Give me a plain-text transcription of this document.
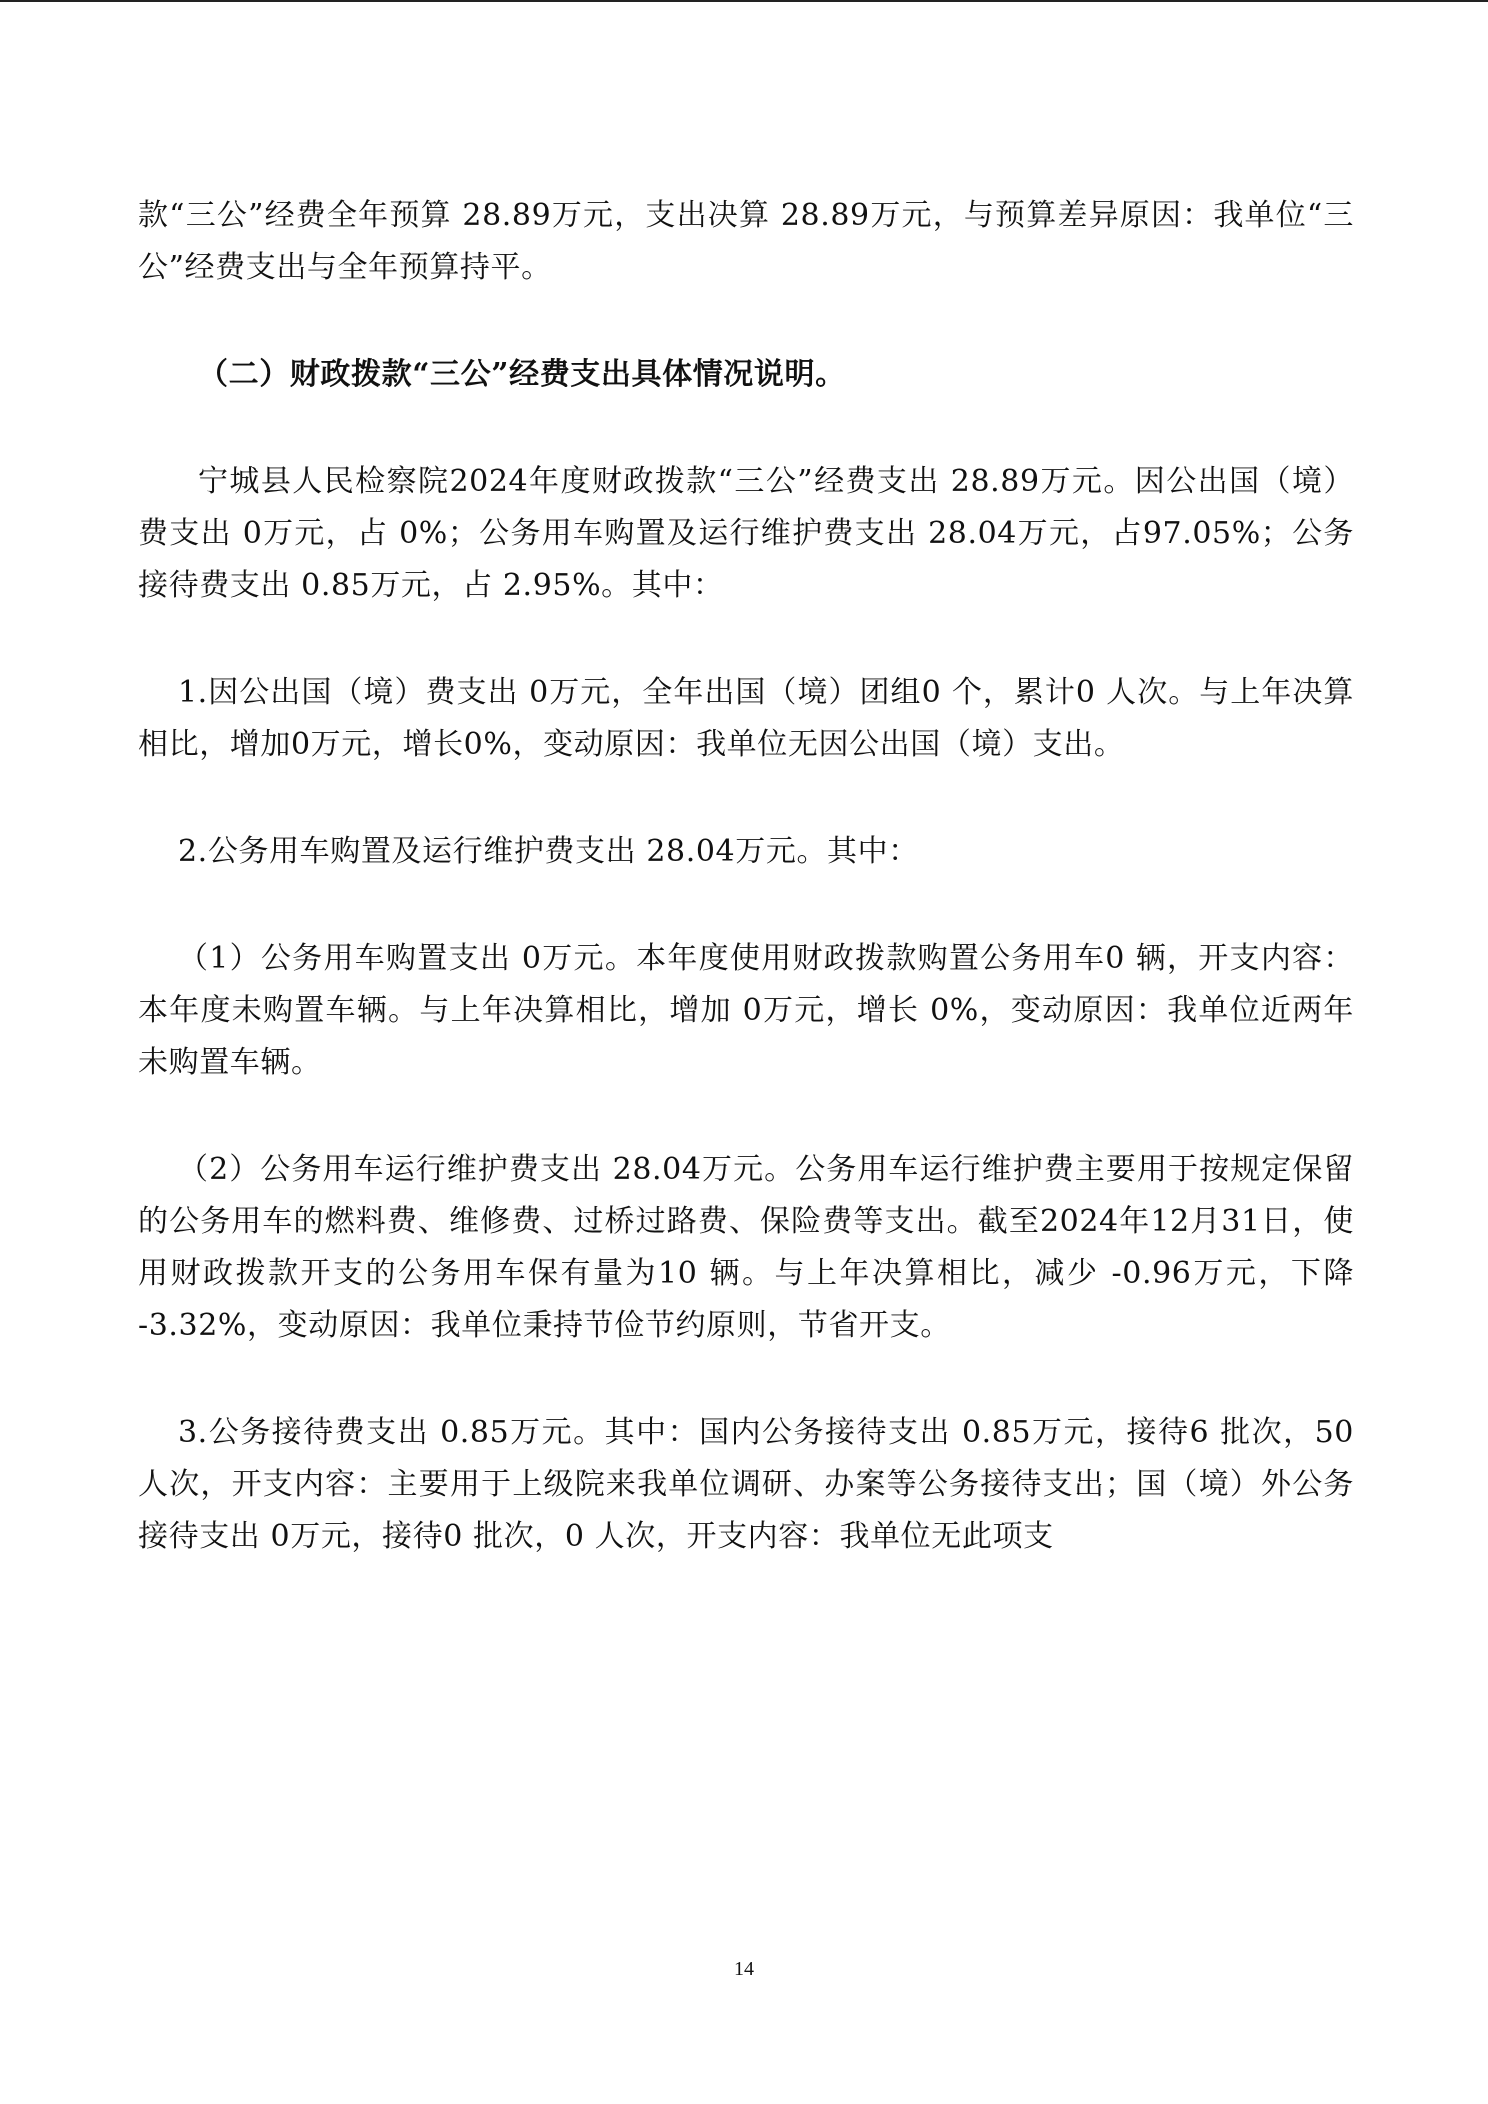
款“三公”经费全年预算 28.89万元，支出决算 28.89万元，与预算差异原因：我单位“三公”经费支出与全年预算持平。

（二）财政拨款“三公”经费支出具体情况说明。

宁城县人民检察院2024年度财政拨款“三公”经费支出 28.89万元。因公出国（境）费支出 0万元，占 0%；公务用车购置及运行维护费支出 28.04万元，占97.05%；公务接待费支出 0.85万元，占 2.95%。其中：

1.因公出国（境）费支出 0万元，全年出国（境）团组0 个，累计0 人次。与上年决算相比，增加0万元，增长0%，变动原因：我单位无因公出国（境）支出。

2.公务用车购置及运行维护费支出 28.04万元。其中：

（1）公务用车购置支出 0万元。本年度使用财政拨款购置公务用车0 辆，开支内容：本年度未购置车辆。与上年决算相比，增加 0万元，增长 0%，变动原因：我单位近两年未购置车辆。

（2）公务用车运行维护费支出 28.04万元。公务用车运行维护费主要用于按规定保留的公务用车的燃料费、维修费、过桥过路费、保险费等支出。截至2024年12月31日，使用财政拨款开支的公务用车保有量为10 辆。与上年决算相比，减少 -0.96万元，下降 -3.32%，变动原因：我单位秉持节俭节约原则，节省开支。

3.公务接待费支出 0.85万元。其中：国内公务接待支出 0.85万元，接待6 批次，50 人次，开支内容：主要用于上级院来我单位调研、办案等公务接待支出；国（境）外公务接待支出 0万元，接待0 批次，0 人次，开支内容：我单位无此项支

14
